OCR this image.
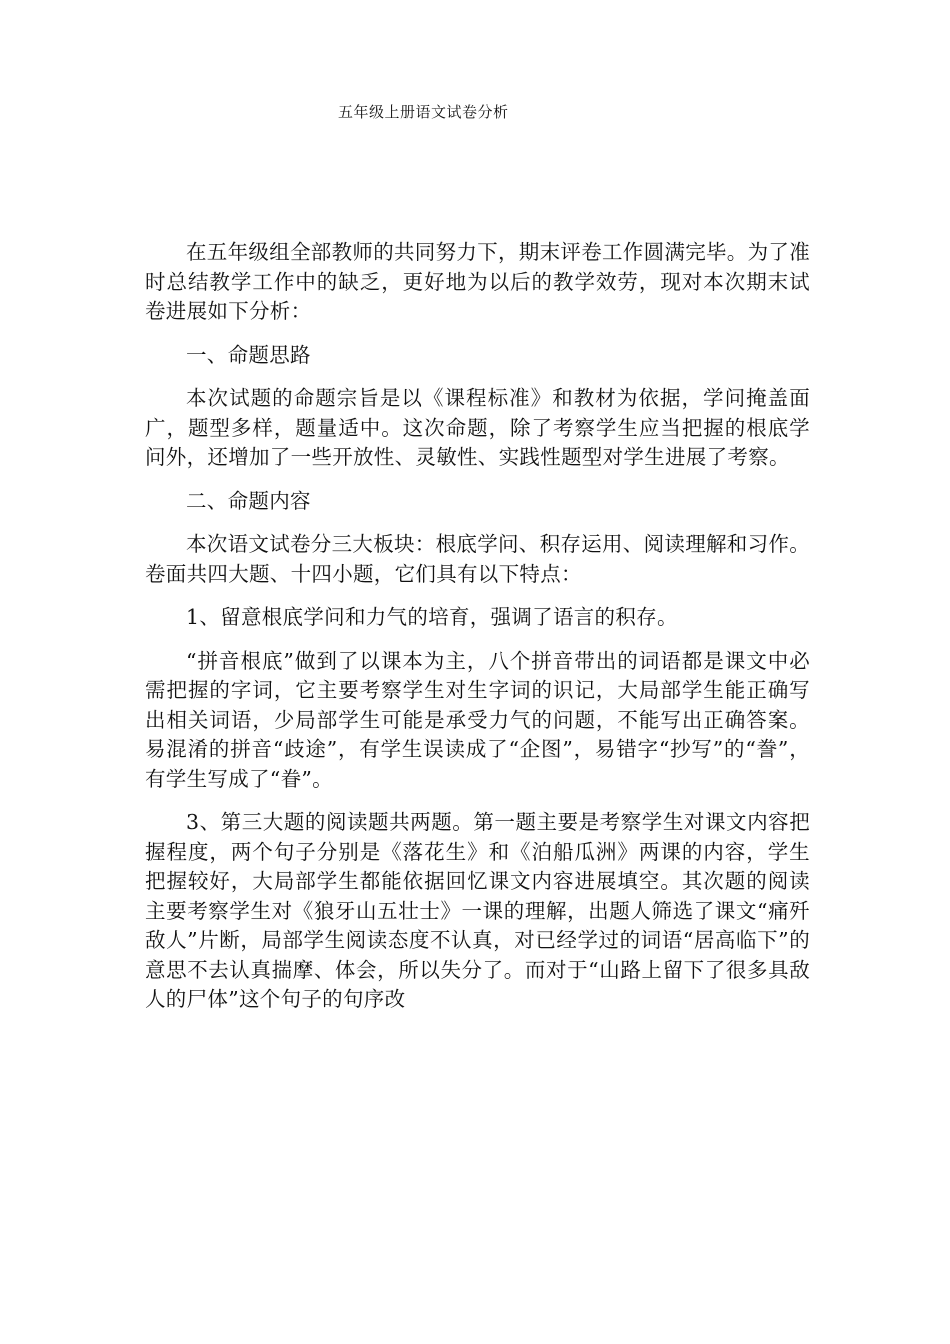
五年级上册语文试卷分析

在五年级组全部教师的共同努力下，期末评卷工作圆满完毕。为了准时总结教学工作中的缺乏，更好地为以后的教学效劳，现对本次期末试卷进展如下分析：

一、命题思路

本次试题的命题宗旨是以《课程标准》和教材为依据，学问掩盖面广，题型多样，题量适中。这次命题，除了考察学生应当把握的根底学问外，还增加了一些开放性、灵敏性、实践性题型对学生进展了考察。

二、命题内容

本次语文试卷分三大板块：根底学问、积存运用、阅读理解和习作。卷面共四大题、十四小题，它们具有以下特点：

1、留意根底学问和力气的培育，强调了语言的积存。

“拼音根底”做到了以课本为主，八个拼音带出的词语都是课文中必需把握的字词，它主要考察学生对生字词的识记，大局部学生能正确写出相关词语，少局部学生可能是承受力气的问题，不能写出正确答案。易混淆的拼音“歧途”，有学生误读成了“企图”，易错字“抄写”的“誊”，有学生写成了“眷”。

3、第三大题的阅读题共两题。第一题主要是考察学生对课文内容把握程度，两个句子分别是《落花生》和《泊船瓜洲》两课的内容，学生把握较好，大局部学生都能依据回忆课文内容进展填空。其次题的阅读主要考察学生对《狼牙山五壮士》一课的理解，出题人筛选了课文“痛歼敌人”片断，局部学生阅读态度不认真，对已经学过的词语“居高临下”的意思不去认真揣摩、体会，所以失分了。而对于“山路上留下了很多具敌人的尸体”这个句子的句序改
